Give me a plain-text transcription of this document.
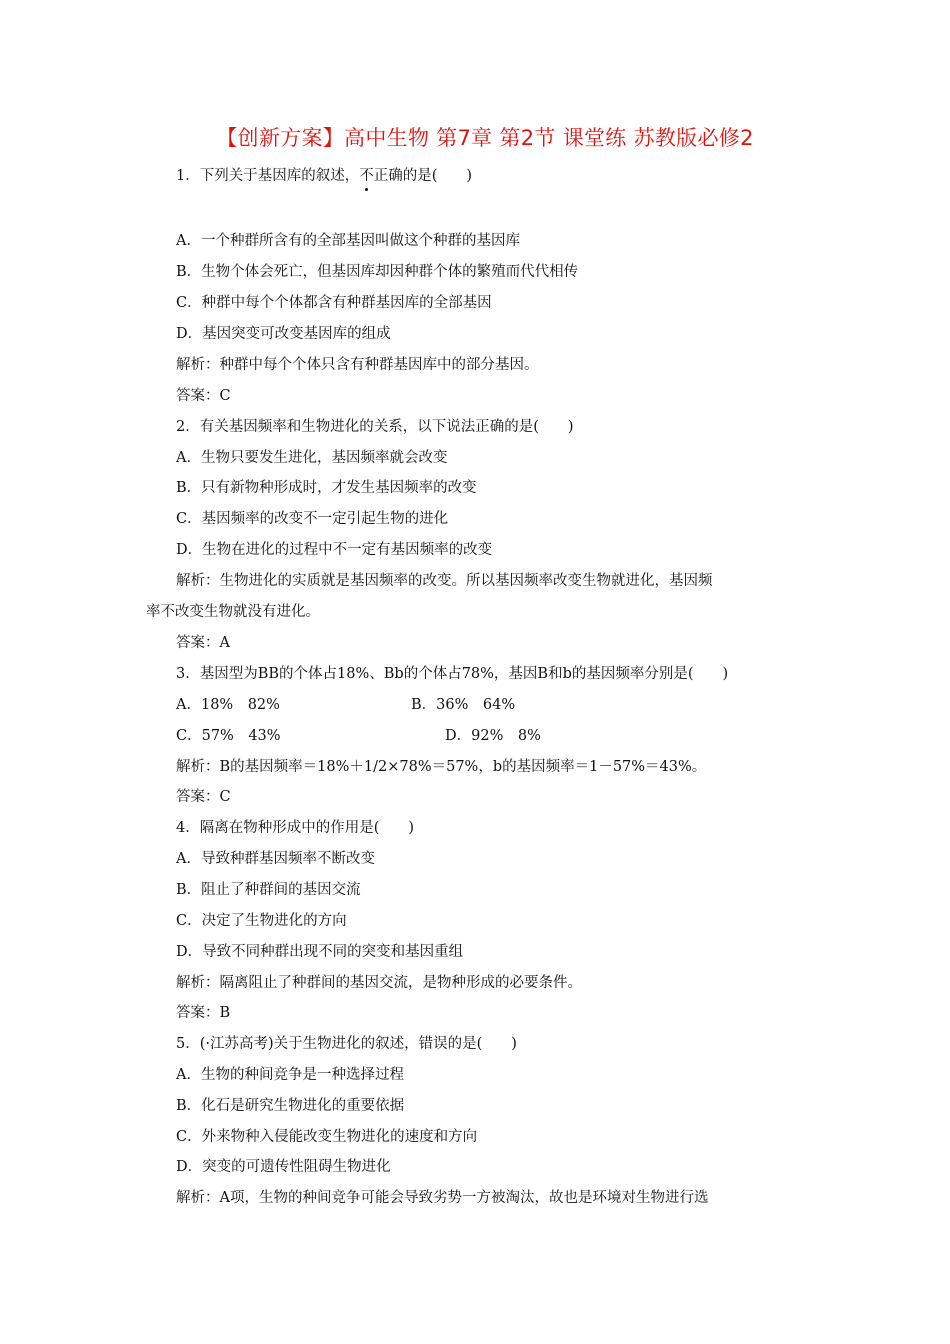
【创新方案】高中生物 第7章 第2节 课堂练 苏教版必修2
1．下列关于基因库的叙述，不正确的是(　　)
A．一个种群所含有的全部基因叫做这个种群的基因库
B．生物个体会死亡，但基因库却因种群个体的繁殖而代代相传
C．种群中每个个体都含有种群基因库的全部基因
D．基因突变可改变基因库的组成
解析：种群中每个个体只含有种群基因库中的部分基因。
答案：C
2．有关基因频率和生物进化的关系，以下说法正确的是(　　)
A．生物只要发生进化，基因频率就会改变
B．只有新物种形成时，才发生基因频率的改变
C．基因频率的改变不一定引起生物的进化
D．生物在进化的过程中不一定有基因频率的改变
解析：生物进化的实质就是基因频率的改变。所以基因频率改变生物就进化，基因频
率不改变生物就没有进化。
答案：A
3．基因型为BB的个体占18%、Bb的个体占78%，基因B和b的基因频率分别是(　　)
A．18%　82%	B．36%　64%
C．57%　43%	D．92%　8%
解析：B的基因频率＝18%＋1/2×78%＝57%，b的基因频率＝1－57%＝43%。
答案：C
4．隔离在物种形成中的作用是(　　)
A．导致种群基因频率不断改变
B．阻止了种群间的基因交流
C．决定了生物进化的方向
D．导致不同种群出现不同的突变和基因重组
解析：隔离阻止了种群间的基因交流，是物种形成的必要条件。
答案：B
5．(·江苏高考)关于生物进化的叙述，错误的是(　　)
A．生物的种间竞争是一种选择过程
B．化石是研究生物进化的重要依据
C．外来物种入侵能改变生物进化的速度和方向
D．突变的可遗传性阻碍生物进化
解析：A项，生物的种间竞争可能会导致劣势一方被淘汰，故也是环境对生物进行选
